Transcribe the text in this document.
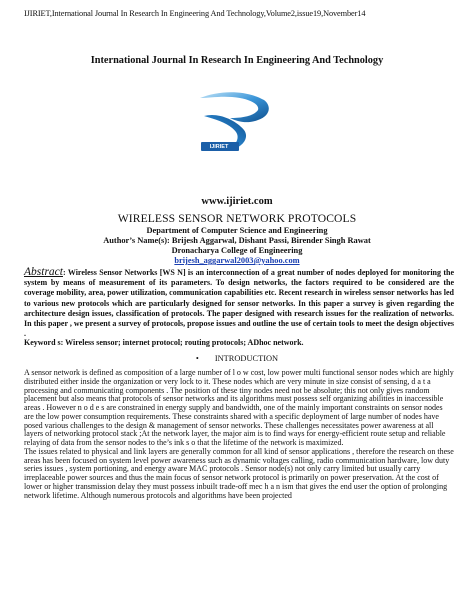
IJIRIET,International Journal In Research In Engineering And Technology,Volume2,issue19,November14
International Journal In Research In Engineering And Technology
IJIRIET
www.ijiriet.com
WIRELESS SENSOR NETWORK PROTOCOLS
Department of Computer Science and Engineering
Author’s Name(s): Brijesh Aggarwal, Dishant Passi, Birender Singh Rawat
Dronacharya College of Engineering
brijesh_aggarwal2003@yahoo.com
Abstract: Wireless Sensor Networks [WS N] is an interconnection of a great number of nodes deployed for monitoring the system by means of measurement of its parameters. To design networks, the factors required to be considered are the coverage mobility, area, power utilization, communication capabilities etc. Recent research in wireless sensor networks has led to various new protocols which are particularly designed for sensor networks. In this paper a survey is given regarding the architecture design issues, classification of protocols. The paper designed with research issues for the realization of networks. In this paper , we present a survey of protocols, propose issues and outline the use of certain tools to meet the design objectives .
Keyword s: Wireless sensor; internet protocol; routing protocols; ADhoc network.
• INTRODUCTION

A sensor network is defined as composition of a large number of l o w cost, low power multi functional sensor nodes which are highly distributed either inside the organization or very lock to it. These nodes which are very minute in size consist of sensing, d a t a processing and communicating components . The position of these tiny nodes need not be absolute; this not only gives random placement but also means that protocols of sensor networks and its algorithms must possess self organizing abilities in inaccessible areas . However n o d e s are constrained in energy supply and bandwidth, one of the mainly important constraints on sensor nodes are the low power consumption requirements. These constraints shared with a specific deployment of large number of nodes have posed various challenges to the design & management of sensor networks. These challenges necessitates power awareness at all layers of networking protocol stack ;At the network layer, the major aim is to find ways for energy-efficient route setup and reliable relaying of data from the sensor nodes to the’s ink s o that the lifetime of the network is maximized.

The issues related to physical and link layers are generally common for all kind of sensor applications , therefore the research on these areas has been focused on system level power awareness such as dynamic voltages calling, radio communication hardware, low duty series issues , system portioning, and energy aware MAC protocols . Sensor node(s) not only carry limited but usually carry irreplaceable power sources and thus the main focus of sensor network protocol is primarily on power preservation. At the cost of lower or higher transmission delay they must possess inbuilt trade-off mec h a n ism that gives the end user the option of prolonging network lifetime. Although numerous protocols and algorithms have been projected
